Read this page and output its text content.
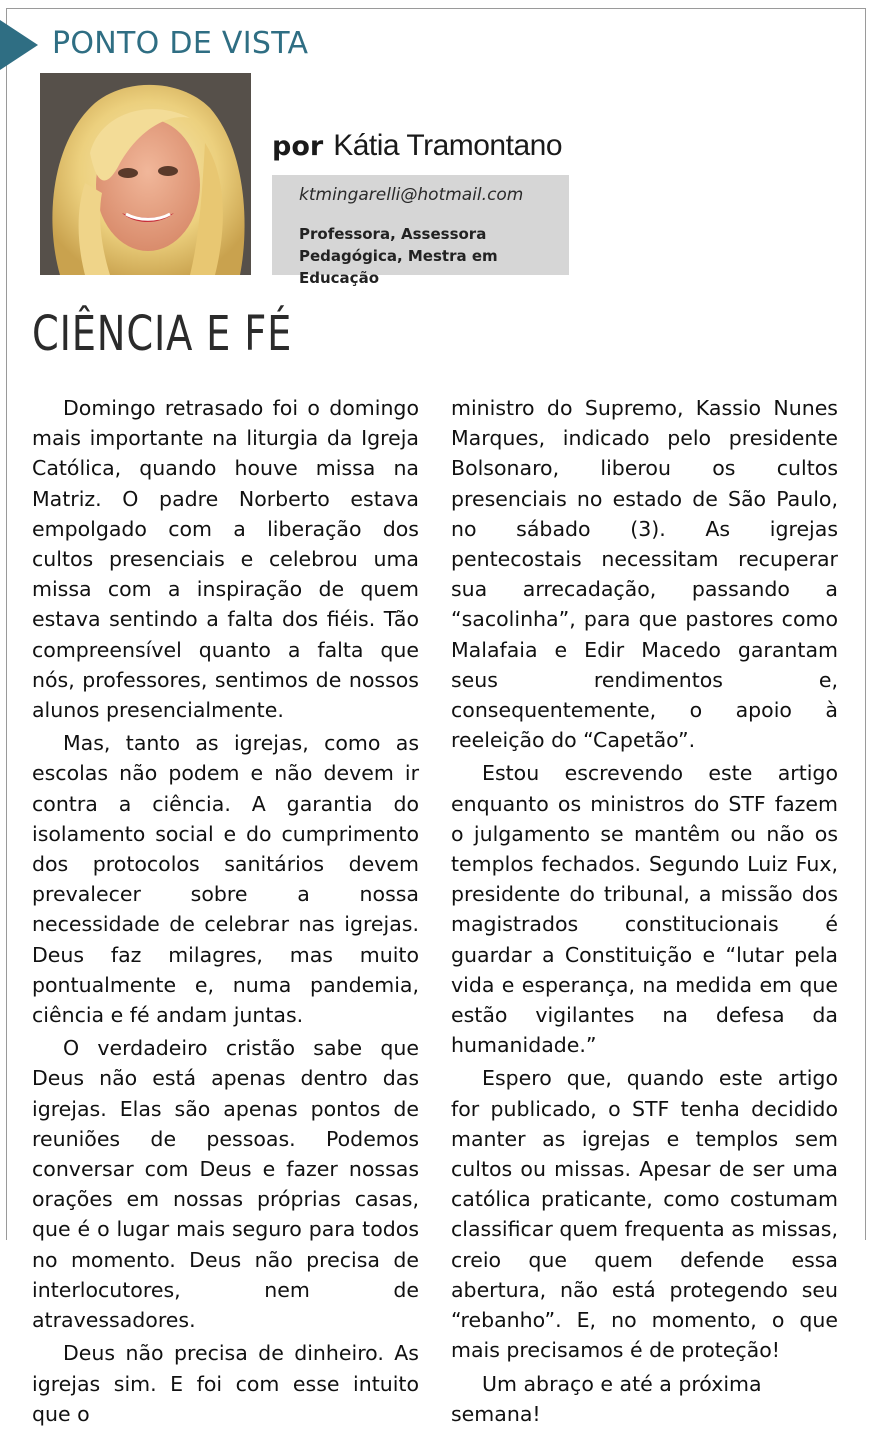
PONTO DE VISTA
por Kátia Tramontano
ktmingarelli@hotmail.com
Professora, Assessora
Pedagógica, Mestra em Educação
CIÊNCIA E FÉ

Domingo retrasado foi o domingo mais importante na liturgia da Igreja Católica, quando houve missa na Matriz. O padre Norberto estava empolgado com a liberação dos cultos presenciais e celebrou uma missa com a inspiração de quem estava sentindo a falta dos fiéis. Tão compreensível quanto a falta que nós, professores, sentimos de nossos alunos presencialmente.

Mas, tanto as igrejas, como as escolas não podem e não devem ir contra a ciência. A garantia do isolamento social e do cumprimento dos protocolos sanitários devem prevalecer sobre a nossa necessidade de celebrar nas igrejas. Deus faz milagres, mas muito pontualmente e, numa pandemia, ciência e fé andam juntas.

O verdadeiro cristão sabe que Deus não está apenas dentro das igrejas. Elas são apenas pontos de reuniões de pessoas. Podemos conversar com Deus e fazer nossas orações em nossas próprias casas, que é o lugar mais seguro para todos no momento. Deus não precisa de interlocutores, nem de atravessadores.

Deus não precisa de dinheiro. As igrejas sim. E foi com esse intuito que o

ministro do Supremo, Kassio Nunes Marques, indicado pelo presidente Bolsonaro, liberou os cultos presenciais no estado de São Paulo, no sábado (3). As igrejas pentecostais necessitam recuperar sua arrecadação, passando a “sacolinha”, para que pastores como Malafaia e Edir Macedo garantam seus rendimentos e, consequentemente, o apoio à reeleição do “Capetão”.

Estou escrevendo este artigo enquanto os ministros do STF fazem o julgamento se mantêm ou não os templos fechados. Segundo Luiz Fux, presidente do tribunal, a missão dos magistrados constitucionais é guardar a Constituição e “lutar pela vida e esperança, na medida em que estão vigilantes na defesa da humanidade.”

Espero que, quando este artigo for publicado, o STF tenha decidido manter as igrejas e templos sem cultos ou missas. Apesar de ser uma católica praticante, como costumam classificar quem frequenta as missas, creio que quem defende essa abertura, não está protegendo seu “rebanho”. E, no momento, o que mais precisamos é de proteção!

Um abraço e até a próxima semana!
